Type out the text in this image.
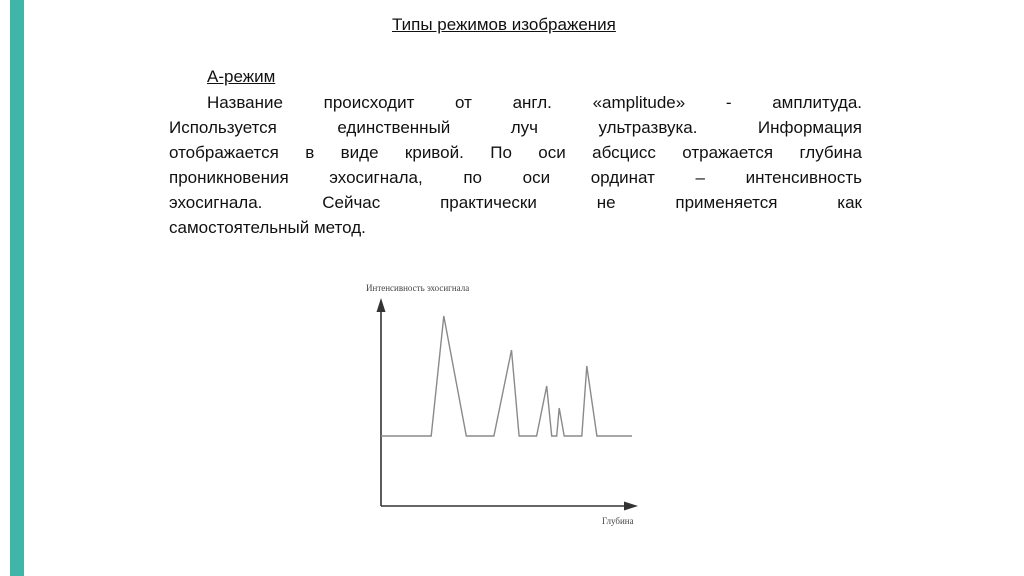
Типы режимов изображения
А-режим
Название происходит от англ. «amplitude» - амплитуда.
Используется единственный луч ультразвука. Информация
отображается в виде кривой. По оси абсцисс отражается глубина
проникновения эхосигнала, по оси ординат – интенсивность
эхосигнала. Сейчас практически не применяется как
самостоятельный метод.
Интенсивность эхосигнала
Глубина
